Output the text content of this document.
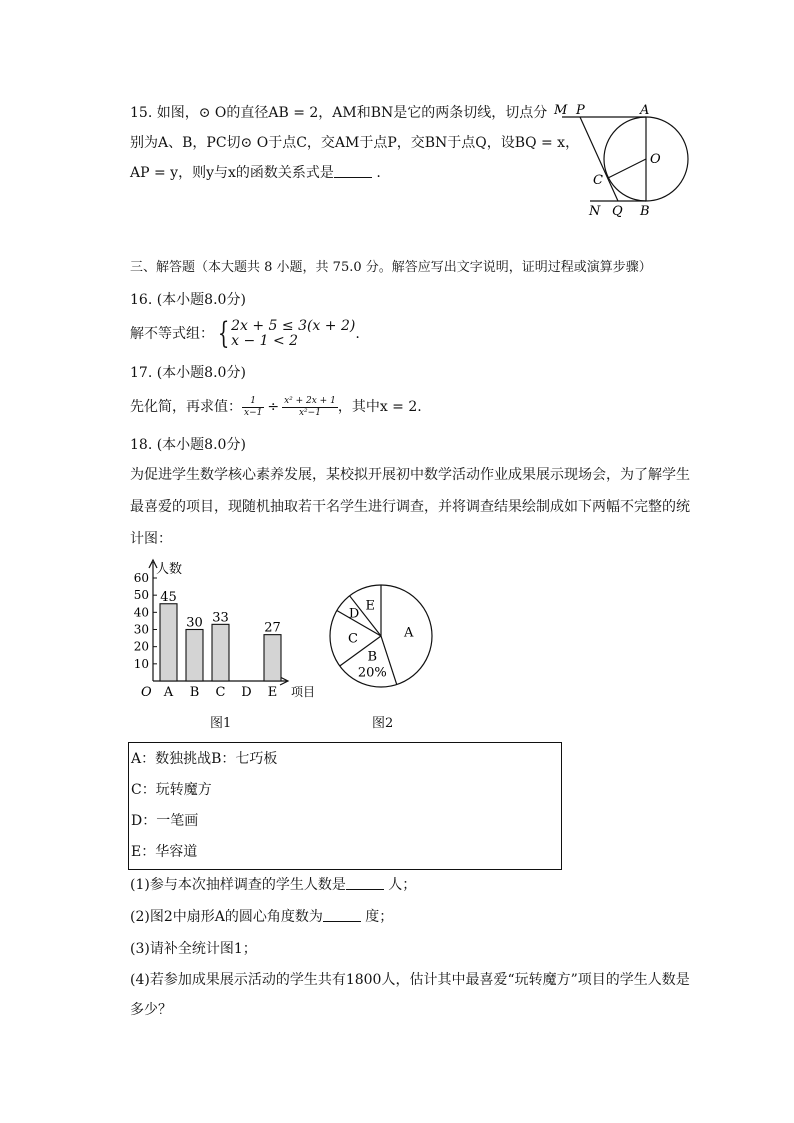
15. 如图，⊙ O的直径AB = 2，AM和BN是它的两条切线，切点分
别为A、B，PC切⊙ O于点C，交AM于点P，交BN于点Q，设BQ = x，
AP = y，则y与x的函数关系式是	.
M P	A
O
C
N Q B
三、解答题（本大题共 8 小题，共 75.0 分。解答应写出文字说明，证明过程或演算步骤）
16. (本小题8.0分)
解不等式组： { 2x + 5 ≤ 3(x + 2)
x − 1 < 2	.
17. (本小题8.0分)
先化简，再求值： $\frac{1}{x-1} \div \frac{\text{x² + 2x + 1}}{\text{x²−1}}$ ，其中x = 2.
18. (本小题8.0分)
为促进学生数学核心素养发展，某校拟开展初中数学活动作业成果展示现场会，为了解学生
最喜爱的项目，现随机抽取若干名学生进行调查，并将调查结果绘制成如下两幅不完整的统
计图：
10
20
30
40
50
60
人数
项目
O A
45
B
30
C
33
D E
27
图1
A
B
20%
C
D
E
图2
A：数独挑战B：七巧板
C：玩转魔方
D：一笔画
E：华容道
(1)参与本次抽样调查的学生人数是	人；
(2)图2中扇形A的圆心角度数为	度；
(3)请补全统计图1；
(4)若参加成果展示活动的学生共有1800人，估计其中最喜爱“玩转魔方”项目的学生人数是
多少？
